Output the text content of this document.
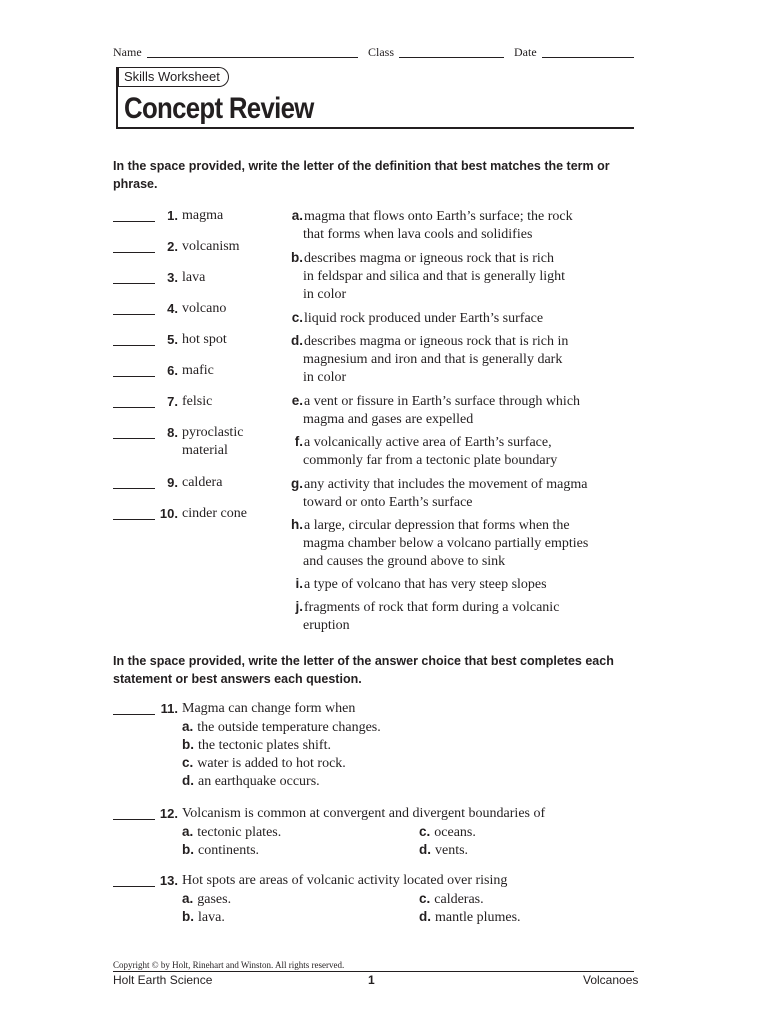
Name	Class	Date
Skills Worksheet
Concept Review
In the space provided, write the letter of the definition that best matches the term or phrase.
1. magma
2. volcanism
3. lava
4. volcano
5. hot spot
6. mafic
7. felsic
8. pyroclastic
material
9. caldera
10. cinder cone
a.magma that flows onto Earth’s surface; the rock
that forms when lava cools and solidifies
b.describes magma or igneous rock that is rich
in feldspar and silica and that is generally light
in color
c.liquid rock produced under Earth’s surface
d.describes magma or igneous rock that is rich in
magnesium and iron and that is generally dark
in color
e.a vent or fissure in Earth’s surface through which
magma and gases are expelled
f.a volcanically active area of Earth’s surface,
commonly far from a tectonic plate boundary
g.any activity that includes the movement of magma
toward or onto Earth’s surface
h.a large, circular depression that forms when the
magma chamber below a volcano partially empties
and causes the ground above to sink
i.a type of volcano that has very steep slopes
j.fragments of rock that form during a volcanic
eruption
In the space provided, write the letter of the answer choice that best completes each statement or best answers each question.
11. Magma can change form when
a. the outside temperature changes.
b. the tectonic plates shift.
c. water is added to hot rock.
d. an earthquake occurs.
12. Volcanism is common at convergent and divergent boundaries of
a. tectonic plates.	c. oceans.
b. continents.	d. vents.
13. Hot spots are areas of volcanic activity located over rising
a. gases.	c. calderas.
b. lava.	d. mantle plumes.
Copyright © by Holt, Rinehart and Winston. All rights reserved.
Holt Earth Science	1	Volcanoes
